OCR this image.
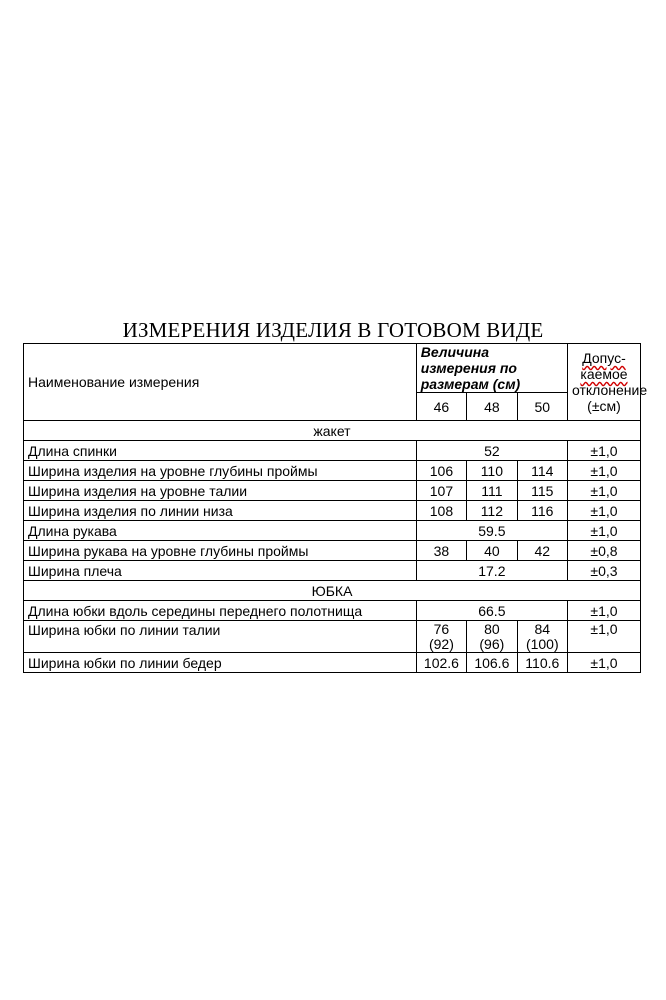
ИЗМЕРЕНИЯ ИЗДЕЛИЯ В ГОТОВОМ ВИДЕ
Наименование измерения	Величина измерения по размерам (см)			Допус-
каемое
отклонение
(±см)
	46	48	50	
жакет				
Длина спинки	52			±1,0
Ширина изделия на уровне глубины проймы	106	110	114	±1,0
Ширина изделия на уровне талии	107	111	115	±1,0
Ширина изделия по линии низа	108	112	116	±1,0
Длина рукава	59.5			±1,0
Ширина рукава на уровне глубины проймы	38	40	42	±0,8
Ширина плеча	17.2			±0,3
ЮБКА				
Длина юбки вдоль середины переднего полотнища	66.5			±1,0
Ширина юбки по линии талии	76
(92)	80
(96)	84
(100)	±1,0
Ширина юбки по линии бедер	102.6	106.6	110.6	±1,0
